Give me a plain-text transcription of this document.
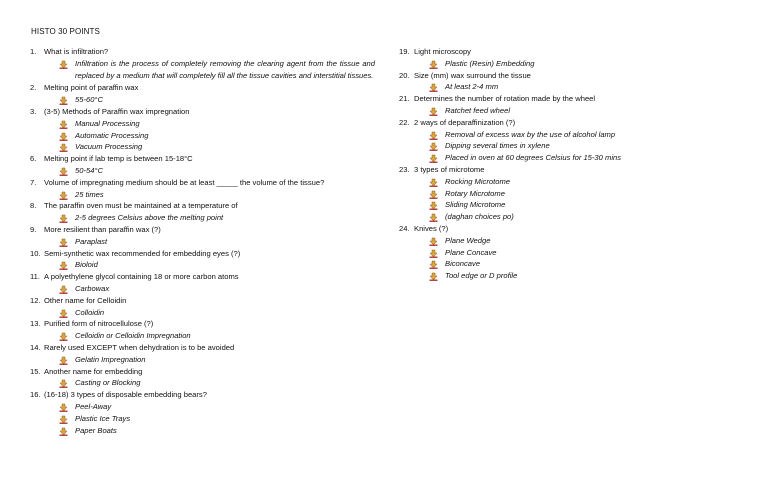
HISTO 30 POINTS
1.	What is infiltration?
Infiltration is the process of completely removing the clearing agent from the tissue and replaced by a medium that will completely fill all the tissue cavities and interstitial tissues.
2.	Melting point of paraffin wax
55-60°C
3.	(3-5) Methods of Paraffin wax impregnation
Manual Processing
Automatic Processing
Vacuum Processing
6.	Melting point if lab temp is between 15-18°C
50-54°C
7.	Volume of impregnating medium should be at least _____ the volume of the tissue?
25 times
8.	The paraffin oven must be maintained at a temperature of
2-5 degrees Celsius above the melting point
9.	More resilient than paraffin wax (?)
Paraplast
10. Semi-synthetic wax recommended for embedding eyes (?)
Bioloid
11. A polyethylene glycol containing 18 or more carbon atoms
Carbowax
12. Other name for Celloidin
Colloidin
13. Purified form of nitrocellulose (?)
Celloidin or Celloidin Impregnation
14. Rarely used EXCEPT when dehydration is to be avoided
Gelatin Impregnation
15. Another name for embedding
Casting or Blocking
16. (16-18) 3 types of disposable embedding bears?
Peel-Away
Plastic Ice Trays
Paper Boats
19. Light microscopy
Plastic (Resin) Embedding
20. Size (mm) wax surround the tissue
At least 2-4 mm
21. Determines the number of rotation made by the wheel
Ratchet feed wheel
22. 2 ways of deparaffinization (?)
Removal of excess wax by the use of alcohol lamp
Dipping several times in xylene
Placed in oven at 60 degrees Celsius for 15-30 mins
23. 3 types of microtome
Rocking Microtome
Rotary Microtome
Sliding Microtome
(daghan choices po)
24. Knives (?)
Plane Wedge
Plane Concave
Biconcave
Tool edge or D profile
